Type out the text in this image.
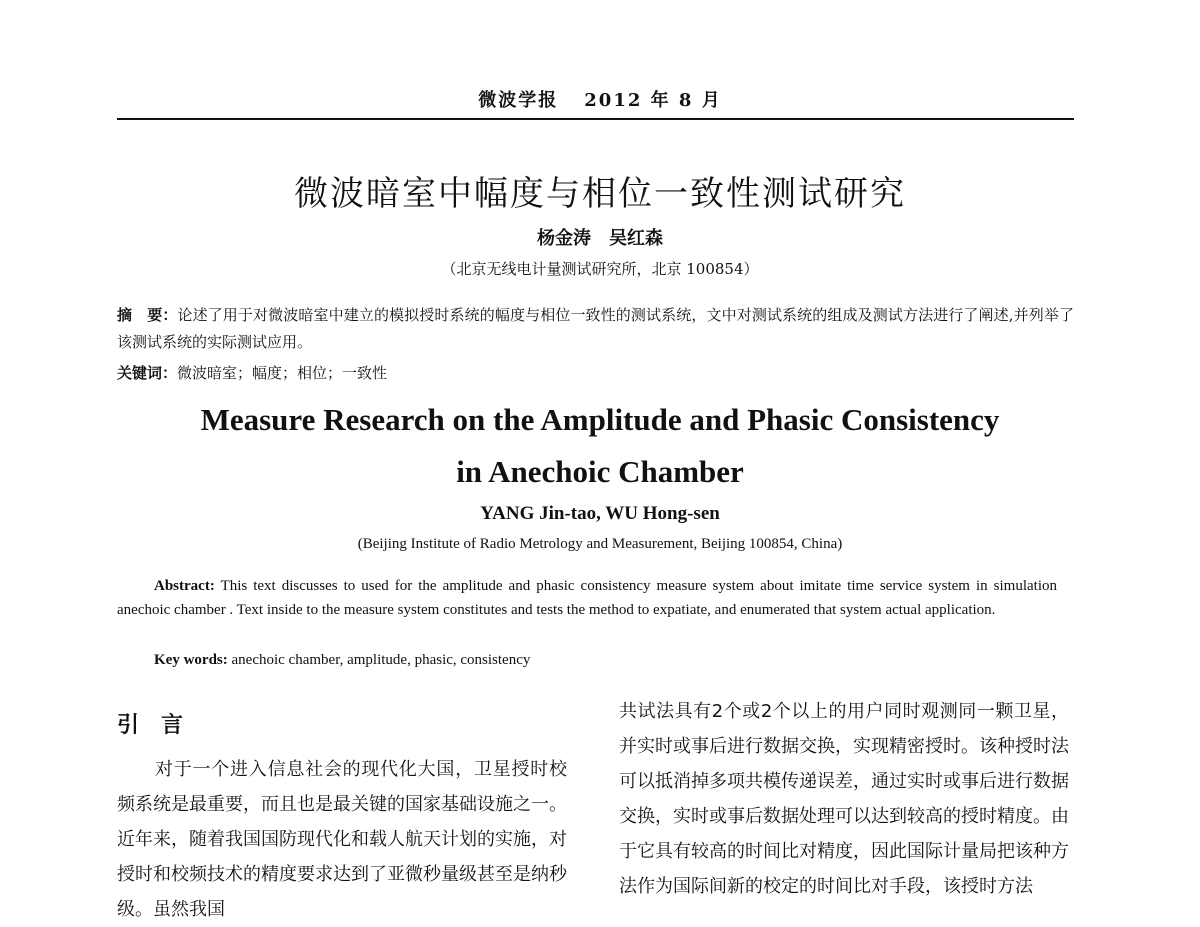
微波学报 2012 年 8 月
微波暗室中幅度与相位一致性测试研究
杨金涛　吴红森
（北京无线电计量测试研究所，北京 100854）
摘　要：论述了用于对微波暗室中建立的模拟授时系统的幅度与相位一致性的测试系统，文中对测试系统的组成及测试方法进行了阐述,并列举了该测试系统的实际测试应用。
关键词：微波暗室；幅度；相位；一致性
Measure Research on the Amplitude and Phasic Consistency
in Anechoic Chamber
YANG Jin-tao, WU Hong-sen
(Beijing Institute of Radio Metrology and Measurement, Beijing 100854, China)
Abstract: This text discusses to used for the amplitude and phasic consistency measure system about imitate time service system in simulation anechoic chamber . Text inside to the measure system constitutes and tests the method to expatiate, and enumerated that system actual application.
Key words: anechoic chamber, amplitude, phasic, consistency
引　言
对于一个进入信息社会的现代化大国，卫星授时校频系统是最重要，而且也是最关键的国家基础设施之一。近年来，随着我国国防现代化和载人航天计划的实施，对授时和校频技术的精度要求达到了亚微秒量级甚至是纳秒级。虽然我国
共试法具有2个或2个以上的用户同时观测同一颗卫星，并实时或事后进行数据交换，实现精密授时。该种授时法可以抵消掉多项共模传递误差，通过实时或事后进行数据交换，实时或事后数据处理可以达到较高的授时精度。由于它具有较高的时间比对精度，因此国际计量局把该种方法作为国际间新的校定的时间比对手段，该授时方法
